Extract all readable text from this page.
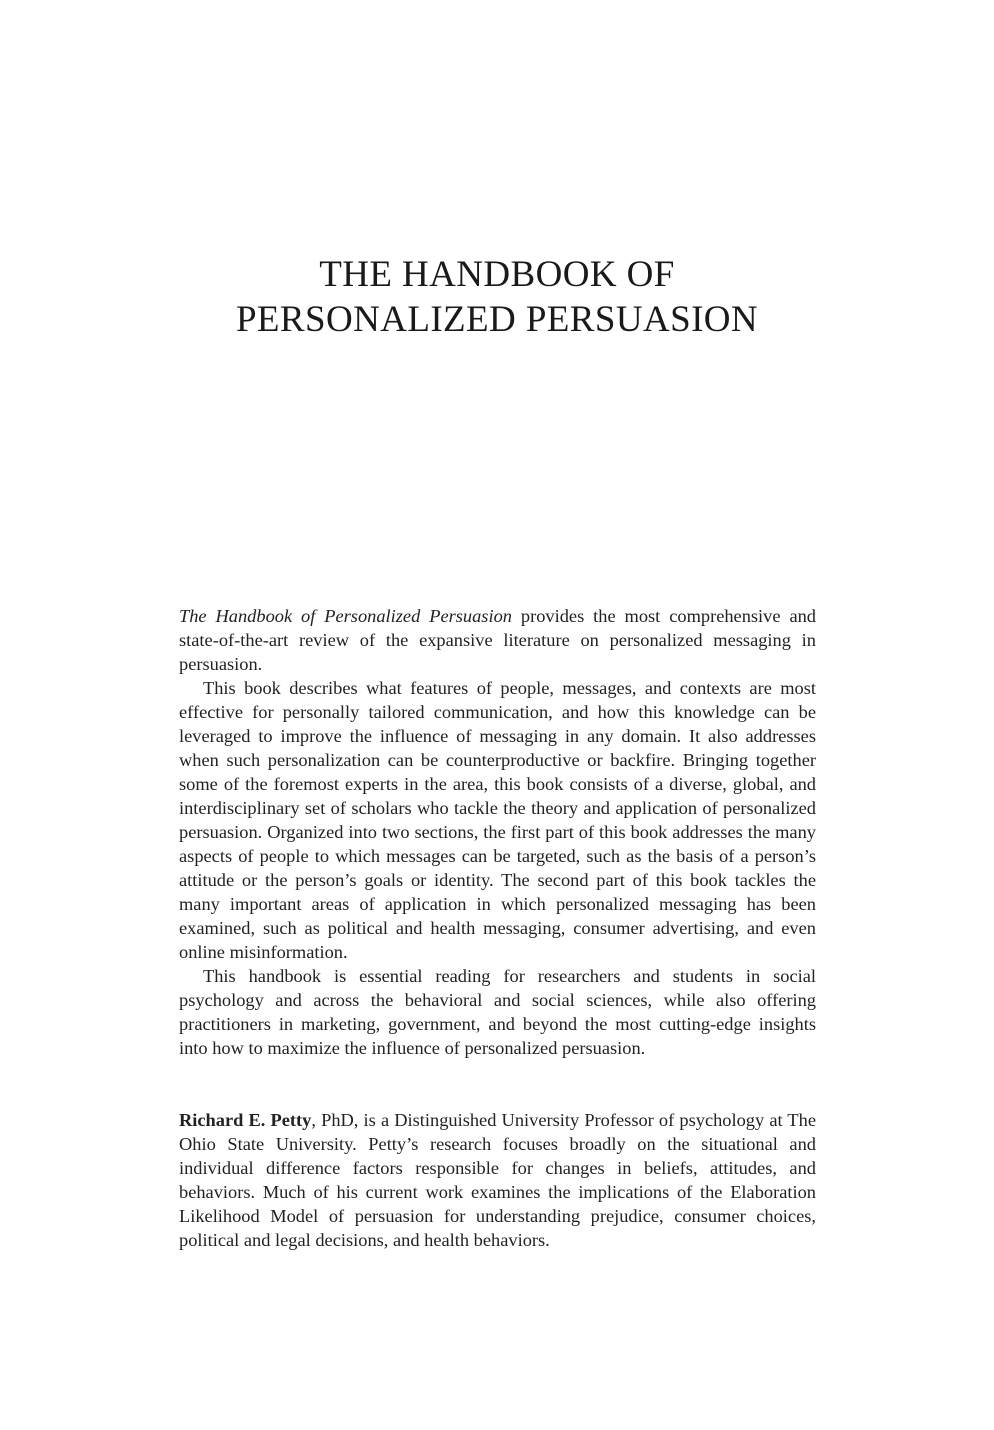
THE HANDBOOK OF
PERSONALIZED PERSUASION

The Handbook of Personalized Persuasion provides the most comprehensive and state-of-the-art review of the expansive literature on personalized messaging in persuasion.

This book describes what features of people, messages, and contexts are most effective for personally tailored communication, and how this knowledge can be leveraged to improve the influence of messaging in any domain. It also addresses when such personalization can be counterproductive or backfire. Bringing together some of the foremost experts in the area, this book consists of a diverse, global, and interdisciplinary set of scholars who tackle the theory and application of personalized persuasion. Organized into two sections, the first part of this book addresses the many aspects of people to which messages can be targeted, such as the basis of a person’s attitude or the person’s goals or identity. The second part of this book tackles the many important areas of application in which personalized messaging has been examined, such as political and health messaging, consumer advertising, and even online misinformation.

This handbook is essential reading for researchers and students in social psychology and across the behavioral and social sciences, while also offering practitioners in marketing, government, and beyond the most cutting-edge insights into how to maximize the influence of personalized persuasion.

Richard E. Petty, PhD, is a Distinguished University Professor of psychology at The Ohio State University. Petty’s research focuses broadly on the situational and individual difference factors responsible for changes in beliefs, attitudes, and behaviors. Much of his current work examines the implications of the Elaboration Likelihood Model of persuasion for understanding prejudice, consumer choices, political and legal decisions, and health behaviors.
